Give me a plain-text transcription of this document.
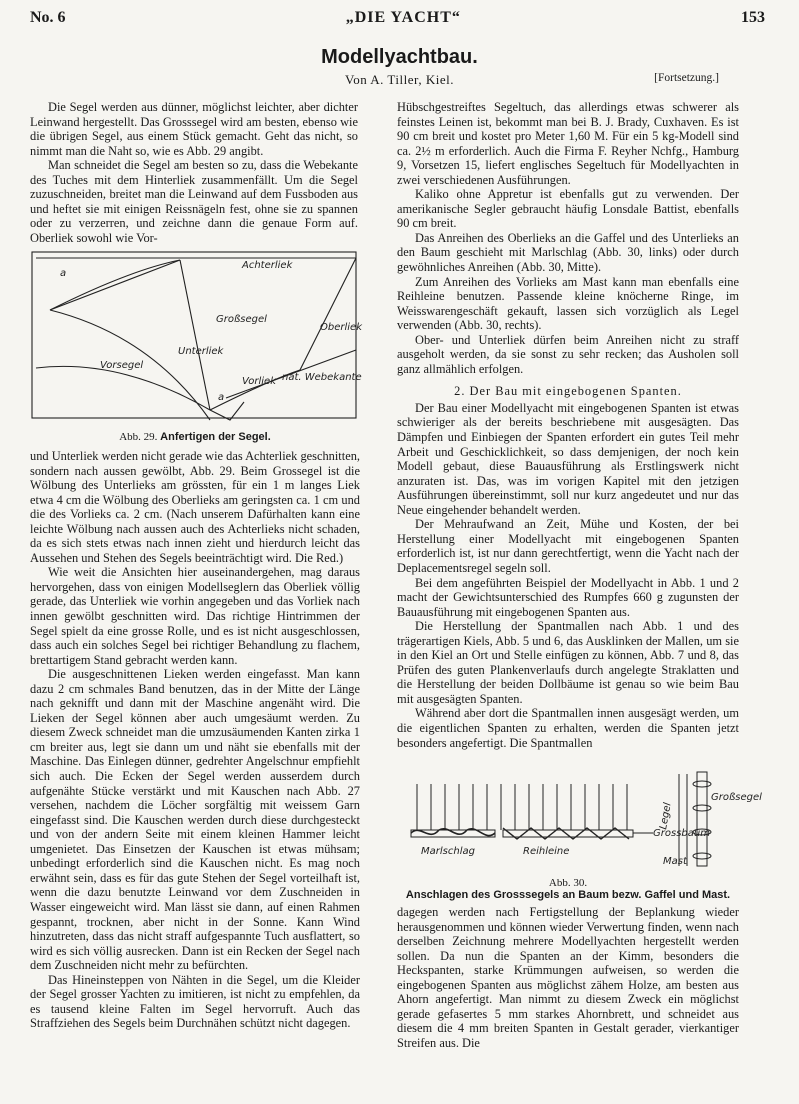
No. 6	„DIE YACHT“	153
Modellyachtbau.
Von A. Tiller, Kiel.	[Fortsetzung.]

Die Segel werden aus dünner, möglichst leichter, aber dichter Leinwand hergestellt. Das Grosssegel wird am besten, ebenso wie die übrigen Segel, aus einem Stück gemacht. Geht das nicht, so nimmt man die Naht so, wie es Abb. 29 angibt.

Man schneidet die Segel am besten so zu, dass die Webekante des Tuches mit dem Hinterliek zusammenfällt. Um die Segel zuzuschneiden, breitet man die Leinwand auf dem Fussboden aus und heftet sie mit einigen Reissnägeln fest, ohne sie zu spannen oder zu verzerren, und zeichne dann die genaue Form auf. Oberliek sowohl wie Vor-

a
Achterliek
Großsegel
Oberliek
Unterliek
Vorsegel
Vorliek nat. Webekante
a
Abb. 29. Anfertigen der Segel.

und Unterliek werden nicht gerade wie das Achterliek geschnitten, sondern nach aussen gewölbt, Abb. 29. Beim Grossegel ist die Wölbung des Unterlieks am grössten, für ein 1 m langes Liek etwa 4 cm die Wölbung des Oberlieks am geringsten ca. 1 cm und die des Vorlieks ca. 2 cm. (Nach unserem Dafürhalten kann eine leichte Wölbung nach aussen auch des Achterlieks nicht schaden, da es sich stets etwas nach innen zieht und hierdurch leicht das Aussehen und Stehen des Segels beeinträchtigt wird. Die Red.)

Wie weit die Ansichten hier auseinandergehen, mag daraus hervorgehen, dass von einigen Modellseglern das Oberliek völlig gerade, das Unterliek wie vorhin angegeben und das Vorliek nach innen gewölbt geschnitten wird. Das richtige Hintrimmen der Segel spielt da eine grosse Rolle, und es ist nicht ausgeschlossen, dass auch ein solches Segel bei richtiger Behandlung zu flachem, brettartigem Stand gebracht werden kann.

Die ausgeschnittenen Lieken werden eingefasst. Man kann dazu 2 cm schmales Band benutzen, das in der Mitte der Länge nach geknifft und dann mit der Maschine angenäht wird. Die Lieken der Segel können aber auch umgesäumt werden. Zu diesem Zweck schneidet man die umzusäumenden Kanten zirka 1 cm breiter aus, legt sie dann um und näht sie ebenfalls mit der Maschine. Das Einlegen dünner, gedrehter Angelschnur empfiehlt sich auch. Die Ecken der Segel werden ausserdem durch aufgenähte Stücke verstärkt und mit Kauschen nach Abb. 27 versehen, nachdem die Löcher sorgfältig mit weissem Garn eingefasst sind. Die Kauschen werden durch diese durchgesteckt und von der andern Seite mit einem kleinen Hammer leicht umgenietet. Das Einsetzen der Kauschen ist etwas mühsam; unbedingt erforderlich sind die Kauschen nicht. Es mag noch erwähnt sein, dass es für das gute Stehen der Segel vorteilhaft ist, wenn die dazu benutzte Leinwand vor dem Zuschneiden in Wasser eingeweicht wird. Man lässt sie dann, auf einen Rahmen gespannt, trocknen, aber nicht in der Sonne. Kann Wind hinzutreten, dass das nicht straff aufgespannte Tuch ausflattert, so wird es sich völlig ausrecken. Dann ist ein Recken der Segel nach dem Zuschneiden nicht mehr zu befürchten.

Das Hineinsteppen von Nähten in die Segel, um die Kleider der Segel grosser Yachten zu imitieren, ist nicht zu empfehlen, da es tausend kleine Falten im Segel hervorruft. Auch das Straffziehen des Segels beim Durchnähen schützt nicht dagegen.

Hübschgestreiftes Segeltuch, das allerdings etwas schwerer als feinstes Leinen ist, bekommt man bei B. J. Brady, Cuxhaven. Es ist 90 cm breit und kostet pro Meter 1,60 M. Für ein 5 kg-Modell sind ca. 2½ m erforderlich. Auch die Firma F. Reyher Nchfg., Hamburg 9, Vorsetzen 15, liefert englisches Segeltuch für Modellyachten in zwei verschiedenen Ausführungen.

Kaliko ohne Appretur ist ebenfalls gut zu verwenden. Der amerikanische Segler gebraucht häufig Lonsdale Battist, ebenfalls 90 cm breit.

Das Anreihen des Oberlieks an die Gaffel und des Unterlieks an den Baum geschieht mit Marlschlag (Abb. 30, links) oder durch gewöhnliches Anreihen (Abb. 30, Mitte).

Zum Anreihen des Vorlieks am Mast kann man ebenfalls eine Reihleine benutzen. Passende kleine knöcherne Ringe, im Weisswarengeschäft gekauft, lassen sich vorzüglich als Legel verwenden (Abb. 30, rechts).

Ober- und Unterliek dürfen beim Anreihen nicht zu straff ausgeholt werden, da sie sonst zu sehr recken; das Ausholen soll ganz allmählich erfolgen.

2. Der Bau mit eingebogenen Spanten.

Der Bau einer Modellyacht mit eingebogenen Spanten ist etwas schwieriger als der bereits beschriebene mit ausgesägten. Das Dämpfen und Einbiegen der Spanten erfordert ein gutes Teil mehr Arbeit und Geschicklichkeit, so dass demjenigen, der noch kein Modell gebaut, diese Bauausführung als Erstlingswerk nicht anzuraten ist. Das, was im vorigen Kapitel mit den jetzigen Ausführungen übereinstimmt, soll nur kurz angedeutet und nur das Neue eingehender behandelt werden.

Der Mehraufwand an Zeit, Mühe und Kosten, der bei Herstellung einer Modellyacht mit eingebogenen Spanten erforderlich ist, ist nur dann gerechtfertigt, wenn die Yacht nach der Deplacementsregel segeln soll.

Bei dem angeführten Beispiel der Modellyacht in Abb. 1 und 2 macht der Gewichtsunterschied des Rumpfes 660 g zugunsten der Bauausführung mit eingebogenen Spanten aus.

Die Herstellung der Spantmallen nach Abb. 1 und des trägerartigen Kiels, Abb. 5 und 6, das Ausklinken der Mallen, um sie in den Kiel an Ort und Stelle einfügen zu können, Abb. 7 und 8, das Prüfen des guten Plankenverlaufs durch angelegte Straklatten und die Herstellung der beiden Dollbäume ist genau so wie beim Bau mit ausgesägten Spanten.

Während aber dort die Spantmallen innen ausgesägt werden, um die eigentlichen Spanten zu erhalten, werden die Spanten jetzt besonders angefertigt. Die Spantmallen

Marlschlag	Reihleine
Grossbaum
Legel
Großsegel
Mast
Abb. 30.
Anschlagen des Grosssegels an Baum bezw. Gaffel und Mast.

dagegen werden nach Fertigstellung der Beplankung wieder herausgenommen und können wieder Verwertung finden, wenn nach derselben Zeichnung mehrere Modellyachten hergestellt werden sollen. Da nun die Spanten an der Kimm, besonders die Heckspanten, starke Krümmungen aufweisen, so werden die eingebogenen Spanten aus möglichst zähem Holze, am besten aus Ahorn angefertigt. Man nimmt zu diesem Zweck ein möglichst gerade gefasertes 5 mm starkes Ahornbrett, und schneidet aus diesem die 4 mm breiten Spanten in Gestalt gerader, vierkantiger Streifen aus. Die
